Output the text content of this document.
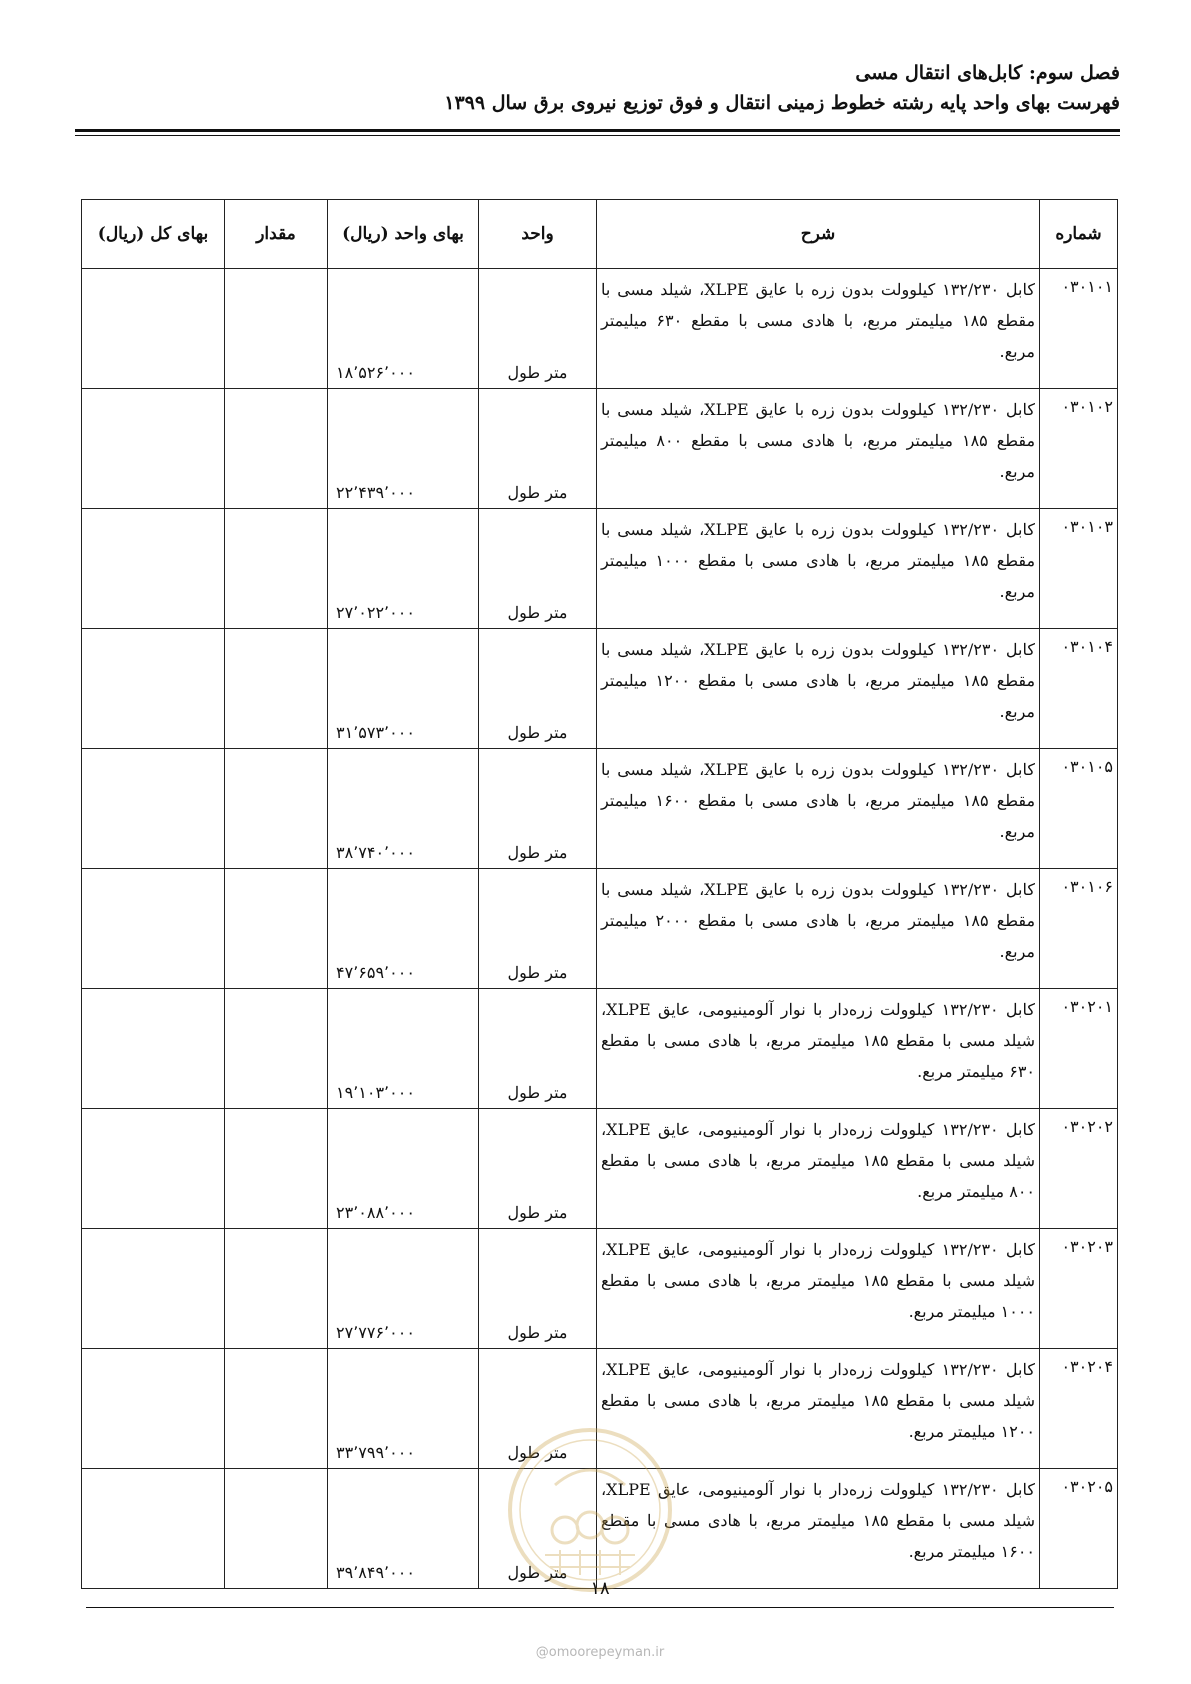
فصل سوم: کابل‌های انتقال مسی
فهرست بهای واحد پایه رشته خطوط زمینی انتقال و فوق توزیع نیروی برق سال ۱۳۹۹
شماره	شرح	واحد	بهای واحد (ریال)	مقدار	بهای کل (ریال)
۰۳۰۱۰۱	کابل ۱۳۲/۲۳۰ کیلوولت بدون زره با عایق XLPE، شیلد مسی با مقطع ۱۸۵ میلیمتر مربع، با هادی مسی با مقطع ۶۳۰ میلیمتر مربع.	متر طول	۱۸٬۵۲۶٬۰۰۰		
۰۳۰۱۰۲	کابل ۱۳۲/۲۳۰ کیلوولت بدون زره با عایق XLPE، شیلد مسی با مقطع ۱۸۵ میلیمتر مربع، با هادی مسی با مقطع ۸۰۰ میلیمتر مربع.	متر طول	۲۲٬۴۳۹٬۰۰۰		
۰۳۰۱۰۳	کابل ۱۳۲/۲۳۰ کیلوولت بدون زره با عایق XLPE، شیلد مسی با مقطع ۱۸۵ میلیمتر مربع، با هادی مسی با مقطع ۱۰۰۰ میلیمتر مربع.	متر طول	۲۷٬۰۲۲٬۰۰۰		
۰۳۰۱۰۴	کابل ۱۳۲/۲۳۰ کیلوولت بدون زره با عایق XLPE، شیلد مسی با مقطع ۱۸۵ میلیمتر مربع، با هادی مسی با مقطع ۱۲۰۰ میلیمتر مربع.	متر طول	۳۱٬۵۷۳٬۰۰۰		
۰۳۰۱۰۵	کابل ۱۳۲/۲۳۰ کیلوولت بدون زره با عایق XLPE، شیلد مسی با مقطع ۱۸۵ میلیمتر مربع، با هادی مسی با مقطع ۱۶۰۰ میلیمتر مربع.	متر طول	۳۸٬۷۴۰٬۰۰۰		
۰۳۰۱۰۶	کابل ۱۳۲/۲۳۰ کیلوولت بدون زره با عایق XLPE، شیلد مسی با مقطع ۱۸۵ میلیمتر مربع، با هادی مسی با مقطع ۲۰۰۰ میلیمتر مربع.	متر طول	۴۷٬۶۵۹٬۰۰۰		
۰۳۰۲۰۱	کابل ۱۳۲/۲۳۰ کیلوولت زره‌دار با نوار آلومینیومی، عایق XLPE، شیلد مسی با مقطع ۱۸۵ میلیمتر مربع، با هادی مسی با مقطع ۶۳۰ میلیمتر مربع.	متر طول	۱۹٬۱۰۳٬۰۰۰		
۰۳۰۲۰۲	کابل ۱۳۲/۲۳۰ کیلوولت زره‌دار با نوار آلومینیومی، عایق XLPE، شیلد مسی با مقطع ۱۸۵ میلیمتر مربع، با هادی مسی با مقطع ۸۰۰ میلیمتر مربع.	متر طول	۲۳٬۰۸۸٬۰۰۰		
۰۳۰۲۰۳	کابل ۱۳۲/۲۳۰ کیلوولت زره‌دار با نوار آلومینیومی، عایق XLPE، شیلد مسی با مقطع ۱۸۵ میلیمتر مربع، با هادی مسی با مقطع ۱۰۰۰ میلیمتر مربع.	متر طول	۲۷٬۷۷۶٬۰۰۰		
۰۳۰۲۰۴	کابل ۱۳۲/۲۳۰ کیلوولت زره‌دار با نوار آلومینیومی، عایق XLPE، شیلد مسی با مقطع ۱۸۵ میلیمتر مربع، با هادی مسی با مقطع ۱۲۰۰ میلیمتر مربع.	متر طول	۳۳٬۷۹۹٬۰۰۰		
۰۳۰۲۰۵	کابل ۱۳۲/۲۳۰ کیلوولت زره‌دار با نوار آلومینیومی، عایق XLPE، شیلد مسی با مقطع ۱۸۵ میلیمتر مربع، با هادی مسی با مقطع ۱۶۰۰ میلیمتر مربع.	متر طول	۳۹٬۸۴۹٬۰۰۰		
۱۸
@omoorepeyman.ir
